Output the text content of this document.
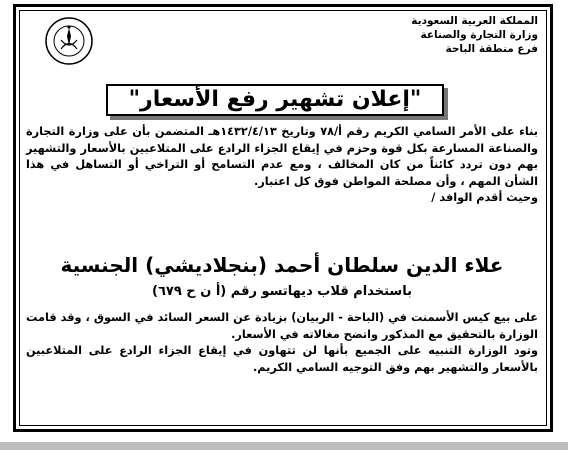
المملكة العربية السعودية
وزارة التجارة والصناعة
فرع منطقة الباحة
"إعلان تشهير رفع الأسعار"

بناء على الأمر السامي الكريم رقم أ/٧٨ وتاريخ ١٤٣٢/٤/١٣هـ المتضمن بأن على وزارة التجارة والصناعة المسارعة بكل قوة وحزم في إيقاع الجزاء الرادع على المتلاعبين بالأسعار والتشهير بهم دون تردد كائناً من كان المخالف ، ومع عدم التسامح أو التراخي أو التساهل في هذا الشأن المهم ، وأن مصلحة المواطن فوق كل اعتبار.

وحيث أقدم الوافد /

علاء الدين سلطان أحمد (بنجلاديشي) الجنسية
باستخدام قلاب ديهاتسو رقم (أ ن ح ٦٧٩)

على بيع كيس الأسمنت في (الباحة - الربيان) بزيادة عن السعر السائد في السوق ، وقد قامت الوزارة بالتحقيق مع المذكور واتضح مغالاته في الأسعار.

وتود الوزارة التنبيه على الجميع بأنها لن تتهاون في إيقاع الجزاء الرادع على المتلاعبين بالأسعار والتشهير بهم وفق التوجيه السامي الكريم.
